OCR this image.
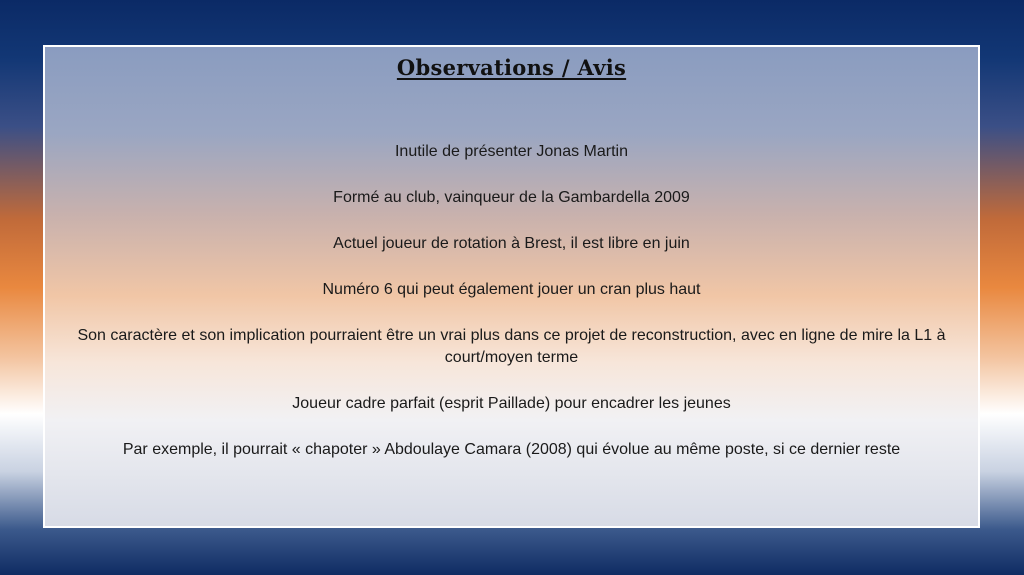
Observations / Avis

Inutile de présenter Jonas Martin

Formé au club, vainqueur de la Gambardella 2009

Actuel joueur de rotation à Brest, il est libre en juin

Numéro 6 qui peut également jouer un cran plus haut

Son caractère et son implication pourraient être un vrai plus dans ce projet de reconstruction, avec en ligne de mire la L1 à court/moyen terme

Joueur cadre parfait (esprit Paillade) pour encadrer les jeunes

Par exemple, il pourrait « chapoter » Abdoulaye Camara (2008) qui évolue au même poste, si ce dernier reste
